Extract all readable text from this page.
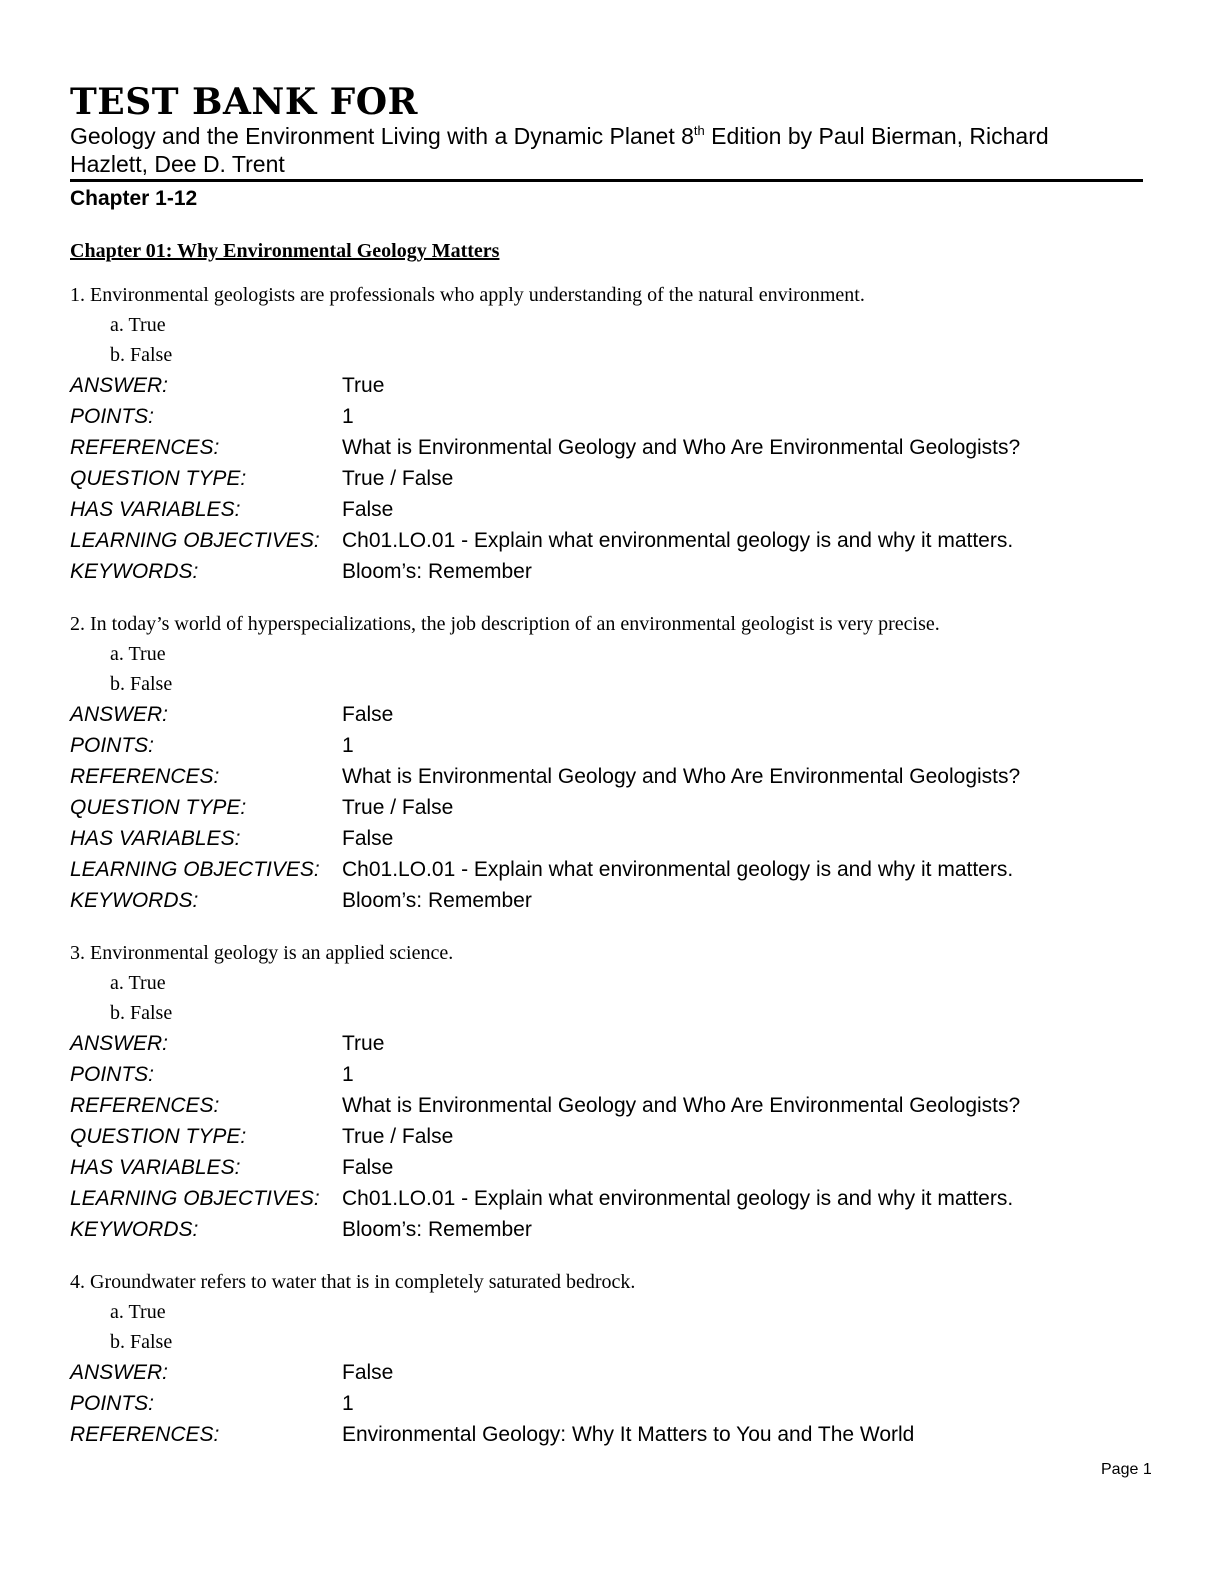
TEST BANK FOR
Geology and the Environment Living with a Dynamic Planet 8th Edition by Paul Bierman, Richard Hazlett, Dee D. Trent
Chapter 1-12
Chapter 01: Why Environmental Geology Matters
1. Environmental geologists are professionals who apply understanding of the natural environment.
a. True
b. False
ANSWER:	True
POINTS:	1
REFERENCES:	What is Environmental Geology and Who Are Environmental Geologists?
QUESTION TYPE:	True / False
HAS VARIABLES:	False
LEARNING OBJECTIVES:	Ch01.LO.01 - Explain what environmental geology is and why it matters.
KEYWORDS:	Bloom’s: Remember
2. In today’s world of hyperspecializations, the job description of an environmental geologist is very precise.
a. True
b. False
ANSWER:	False
POINTS:	1
REFERENCES:	What is Environmental Geology and Who Are Environmental Geologists?
QUESTION TYPE:	True / False
HAS VARIABLES:	False
LEARNING OBJECTIVES:	Ch01.LO.01 - Explain what environmental geology is and why it matters.
KEYWORDS:	Bloom’s: Remember
3. Environmental geology is an applied science.
a. True
b. False
ANSWER:	True
POINTS:	1
REFERENCES:	What is Environmental Geology and Who Are Environmental Geologists?
QUESTION TYPE:	True / False
HAS VARIABLES:	False
LEARNING OBJECTIVES:	Ch01.LO.01 - Explain what environmental geology is and why it matters.
KEYWORDS:	Bloom’s: Remember
4. Groundwater refers to water that is in completely saturated bedrock.
a. True
b. False
ANSWER:	False
POINTS:	1
REFERENCES:	Environmental Geology: Why It Matters to You and The World
Page 1
